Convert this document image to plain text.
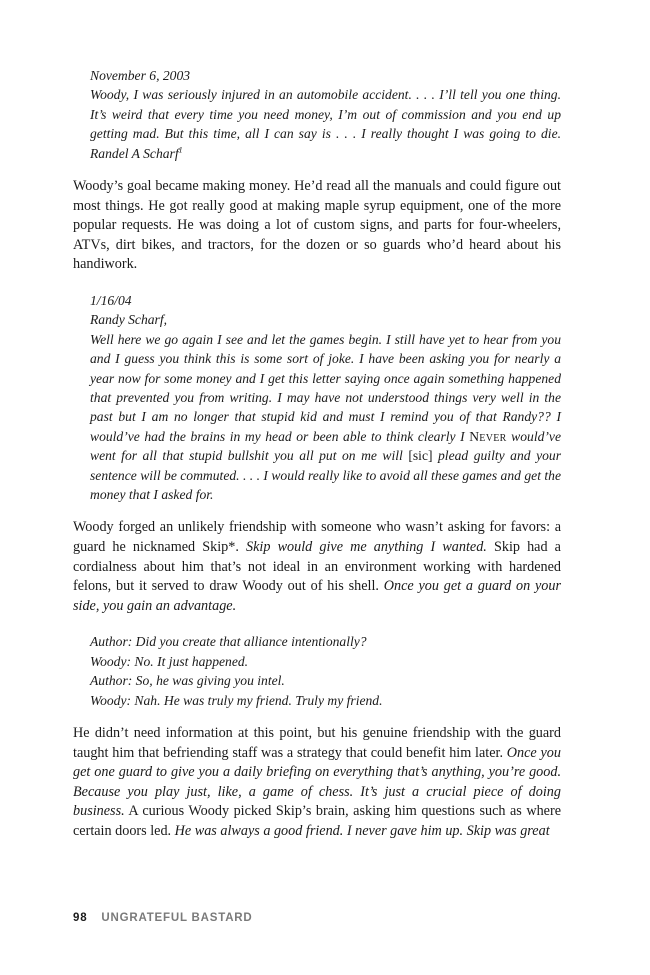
November 6, 2003
Woody, I was seriously injured in an automobile accident. . . . I’ll tell you one thing. It’s weird that every time you need money, I’m out of commission and you end up getting mad. But this time, all I can say is . . . I really thought I was going to die. Randel A Scharf$^1$

Woody’s goal became making money. He’d read all the manuals and could figure out most things. He got really good at making maple syrup equipment, one of the more popular requests. He was doing a lot of custom signs, and parts for four-wheelers, ATVs, dirt bikes, and tractors, for the dozen or so guards who’d heard about his handiwork.

1/16/04
Randy Scharf,
Well here we go again I see and let the games begin. I still have yet to hear from you and I guess you think this is some sort of joke. I have been asking you for nearly a year now for some money and I get this letter saying once again something happened that prevented you from writing. I may have not understood things very well in the past but I am no longer that stupid kid and must I remind you of that Randy?? I would’ve had the brains in my head or been able to think clearly I Never would’ve went for all that stupid bullshit you all put on me will [sic] plead guilty and your sentence will be commuted. . . . I would really like to avoid all these games and get the money that I asked for.

Woody forged an unlikely friendship with someone who wasn’t asking for favors: a guard he nicknamed Skip*. Skip would give me anything I wanted. Skip had a cordialness about him that’s not ideal in an environment working with hardened felons, but it served to draw Woody out of his shell. Once you get a guard on your side, you gain an advantage.

Author: Did you create that alliance intentionally?
Woody: No. It just happened.
Author: So, he was giving you intel.
Woody: Nah. He was truly my friend. Truly my friend.

He didn’t need information at this point, but his genuine friendship with the guard taught him that befriending staff was a strategy that could benefit him later. Once you get one guard to give you a daily briefing on everything that’s anything, you’re good. Because you play just, like, a game of chess. It’s just a crucial piece of doing business. A curious Woody picked Skip’s brain, asking him questions such as where certain doors led. He was always a good friend. I never gave him up. Skip was great

98 UNGRATEFUL BASTARD
